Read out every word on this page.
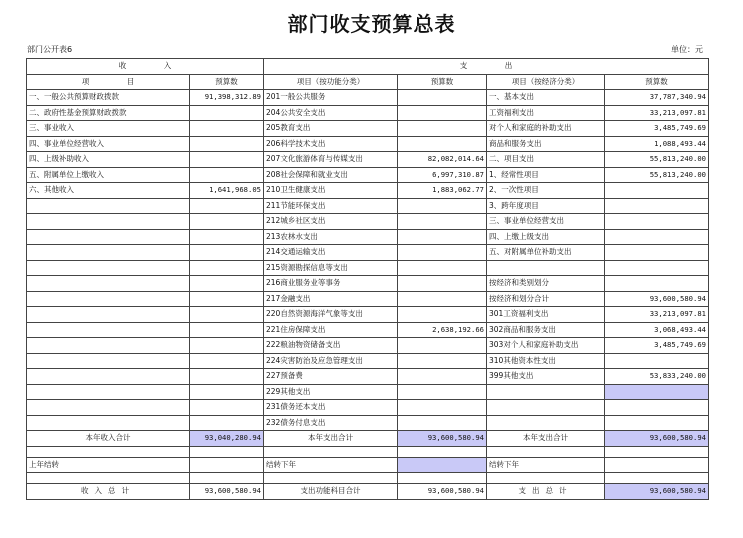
部门收支预算总表
部门公开表6	单位：元
收　　　　　入		支　　　　　出			
项　　　　　目	预算数	项目（按功能分类）	预算数	项目（按经济分类）	预算数
一、一般公共预算财政拨款	91,398,312.89	201一般公共服务		一、基本支出	37,787,340.94
二、政府性基金预算财政拨款		204公共安全支出		工资福利支出	33,213,097.81
三、事业收入		205教育支出		对个人和家庭的补助支出	3,485,749.69
四、事业单位经营收入		206科学技术支出		商品和服务支出	1,088,493.44
四、上级补助收入		207文化旅游体育与传媒支出	82,082,014.64	二、项目支出	55,813,240.00
五、附属单位上缴收入		208社会保障和就业支出	6,997,310.87	1、经常性项目	55,813,240.00
六、其他收入	1,641,968.05	210卫生健康支出	1,883,062.77	2、一次性项目	
		211节能环保支出		3、跨年度项目	
		212城乡社区支出		三、事业单位经营支出	
		213农林水支出		四、上缴上级支出	
		214交通运输支出		五、对附属单位补助支出	
		215资源勘探信息等支出			
		216商业服务业等事务		按经济和类别划分	
		217金融支出		按经济和划分合计	93,600,580.94
		220自然资源海洋气象等支出		301工资福利支出	33,213,097.81
		221住房保障支出	2,638,192.66	302商品和服务支出	3,068,493.44
		222粮油物资储备支出		303对个人和家庭补助支出	3,485,749.69
		224灾害防治及应急管理支出		310其他资本性支出	
		227预备费		399其他支出	53,833,240.00
		229其他支出			
		231债务还本支出			
		232债务付息支出			
本年收入合计	93,040,280.94	本年支出合计	93,600,580.94	本年支出合计	93,600,580.94

上年结转		结转下年		结转下年	

收入总计	93,600,580.94	支出功能科目合计	93,600,580.94	支出总计	93,600,580.94
